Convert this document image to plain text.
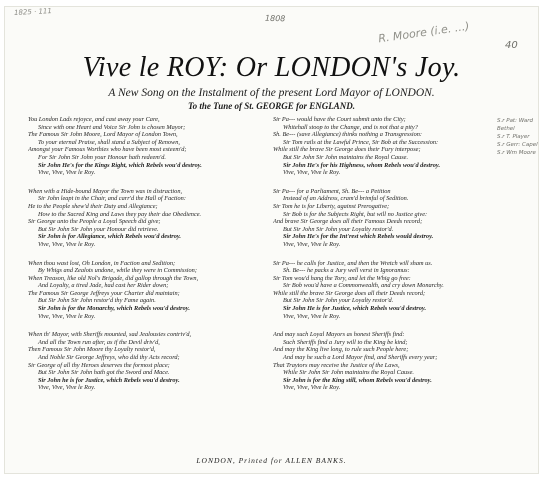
1825 · 111
1808
R. Moore (i.e. ...)
40
S.r Pat: Ward
Bethel
S.r T. Player
S.r Gerr: Capel
S.r Wm Moore
Vive le ROY: Or LONDON's Joy.
A New Song on the Instalment of the present Lord Mayor of LONDON.
To the Tune of St. GEORGE for ENGLAND.
You London Lads rejoyce, and cast away your Care,
Since with one Heart and Voice Sir John is chosen Mayor;
The Famous Sir John Moore, Lord Mayor of London Town,
To your eternal Praise, shall stand a Subject of Renown,
Amongst your Famous Worthies who have been most esteem'd;
For Sir John Sir John your Honour hath redeem'd.
Sir John He's for the Kings Right, which Rebels wou'd destroy.
Vive, Vive, Vive le Roy.
When with a Hide-bound Mayor the Town was in distraction,
Sir John leapt in the Chair, and carr'd the Hall of Faction:
He to the People shew'd their Duty and Allegiance;
How to the Sacred King and Laws they pay their due Obedience.
Sir George unto the People a Loyal Speech did give;
But Sir John Sir John your Honour did retrieve.
Sir John is for Allegiance, which Rebels wou'd destroy.
Vive, Vive, Vive le Roy.
When thou wast lost, Oh London, in Faction and Sedition;
By Whigs and Zealots undone, while they were in Commission;
When Treason, like old Nol's Brigade, did gallop through the Town,
And Loyalty, a tired Jade, had cast her Rider down;
The Famous Sir George Jeffreys your Charter did maintain;
But Sir John Sir John restor'd thy Fame again.
Sir John is for the Monarchy, which Rebels wou'd destroy.
Vive, Vive, Vive le Roy.
When th' Mayor, with Sheriffs mounted, sad Jealousies contriv'd,
And all the Town run after, as if the Devil driv'd,
Then Famous Sir John Moore thy Loyalty restor'd,
And Noble Sir George Jeffreys, who did thy Acts record;
Sir George of all thy Heroes deserves the formost place;
But Sir John Sir John hath got the Sword and Mace.
Sir John he is for Justice, which Rebels wou'd destroy.
Vive, Vive, Vive le Roy.
Sir Pa--- would have the Court submit unto the City;
Whitehall stoop to the Change, and is not that a pity?
Sh. Be--- (save Allegiance) thinks nothing a Transgression:
Sir Tom rails at the Lawful Prince, Sir Bob at the Succession:
While still the brave Sir George does their Fury interpose;
But Sir John Sir John maintains the Royal Cause.
Sir John He's for his Highness, whom Rebels wou'd destroy.
Vive, Vive, Vive le Roy.
Sir Pa--- for a Parliament, Sh. Be--- a Petition
Instead of an Address, cram'd brimful of Sedition.
Sir Tom he is for Liberty, against Prerogative;
Sir Bob is for the Subjects Right, but will no Justice give:
And brave Sir George does all their Famous Deeds record;
But Sir John Sir John your Loyalty restor'd.
Sir John He's for the Int'rest which Rebels would destroy.
Vive, Vive, Vive le Roy.
Sir Pa--- he calls for Justice, and then the Wretch will sham us.
Sh. Be--- he packs a Jury well verst in Ignoramus:
Sir Tom wou'd hang the Tory, and let the Whig go free:
Sir Bob wou'd have a Commonwealth, and cry down Monarchy.
While still the brave Sir George does all their Deeds record;
But Sir John Sir John your Loyalty restor'd.
Sir John He is for Justice, which Rebels wou'd destroy.
Vive, Vive, Vive le Roy.
And may such Loyal Mayors as honest Sheriffs find:
Such Sheriffs find a Jury will to the King be kind;
And may the King live long, to rule such People here;
And may he such a Lord Mayor find, and Sheriffs every year;
That Traytors may receive the Justice of the Laws,
While Sir John Sir John maintains the Royal Cause.
Sir John is for the King still, whom Rebels wou'd destroy.
Vive, Vive, Vive le Roy.
LONDON, Printed for ALLEN BANKS.
